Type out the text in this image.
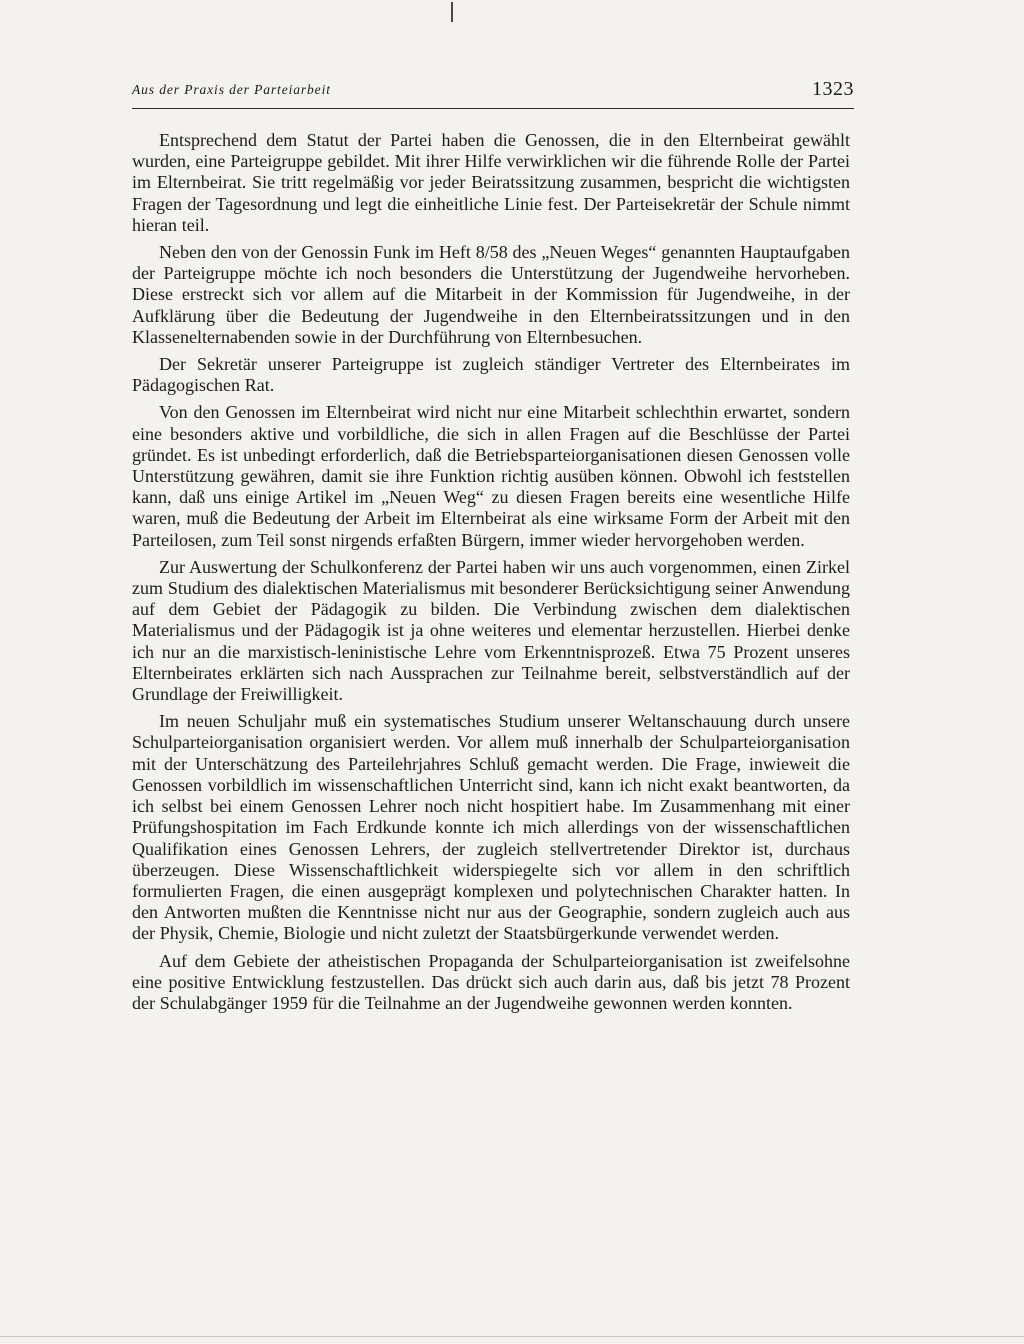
Aus der Praxis der Parteiarbeit	1323

Entsprechend dem Statut der Partei haben die Genossen, die in den Elternbeirat gewählt wurden, eine Parteigruppe gebildet. Mit ihrer Hilfe verwirklichen wir die führende Rolle der Partei im Elternbeirat. Sie tritt regelmäßig vor jeder Beiratssitzung zusammen, bespricht die wichtigsten Fragen der Tagesordnung und legt die einheitliche Linie fest. Der Parteisekretär der Schule nimmt hieran teil.

Neben den von der Genossin Funk im Heft 8/58 des „Neuen Weges“ genannten Hauptaufgaben der Parteigruppe möchte ich noch besonders die Unterstützung der Jugendweihe hervorheben. Diese erstreckt sich vor allem auf die Mitarbeit in der Kommission für Jugendweihe, in der Aufklärung über die Bedeutung der Jugendweihe in den Elternbeiratssitzungen und in den Klassenelternabenden sowie in der Durchführung von Elternbesuchen.

Der Sekretär unserer Parteigruppe ist zugleich ständiger Vertreter des Elternbeirates im Pädagogischen Rat.

Von den Genossen im Elternbeirat wird nicht nur eine Mitarbeit schlechthin erwartet, sondern eine besonders aktive und vorbildliche, die sich in allen Fragen auf die Beschlüsse der Partei gründet. Es ist unbedingt erforderlich, daß die Betriebsparteiorganisationen diesen Genossen volle Unterstützung gewähren, damit sie ihre Funktion richtig ausüben können. Obwohl ich feststellen kann, daß uns einige Artikel im „Neuen Weg“ zu diesen Fragen bereits eine wesentliche Hilfe waren, muß die Bedeutung der Arbeit im Elternbeirat als eine wirksame Form der Arbeit mit den Parteilosen, zum Teil sonst nirgends erfaßten Bürgern, immer wieder hervorgehoben werden.

Zur Auswertung der Schulkonferenz der Partei haben wir uns auch vorgenommen, einen Zirkel zum Studium des dialektischen Materialismus mit besonderer Berücksichtigung seiner Anwendung auf dem Gebiet der Pädagogik zu bilden. Die Verbindung zwischen dem dialektischen Materialismus und der Pädagogik ist ja ohne weiteres und elementar herzustellen. Hierbei denke ich nur an die marxistisch-leninistische Lehre vom Erkenntnisprozeß. Etwa 75 Prozent unseres Elternbeirates erklärten sich nach Aussprachen zur Teilnahme bereit, selbstverständlich auf der Grundlage der Freiwilligkeit.

Im neuen Schuljahr muß ein systematisches Studium unserer Weltanschauung durch unsere Schulparteiorganisation organisiert werden. Vor allem muß innerhalb der Schulparteiorganisation mit der Unterschätzung des Parteilehrjahres Schluß gemacht werden. Die Frage, inwieweit die Genossen vorbildlich im wissenschaftlichen Unterricht sind, kann ich nicht exakt beantworten, da ich selbst bei einem Genossen Lehrer noch nicht hospitiert habe. Im Zusammenhang mit einer Prüfungshospitation im Fach Erdkunde konnte ich mich allerdings von der wissenschaftlichen Qualifikation eines Genossen Lehrers, der zugleich stellvertretender Direktor ist, durchaus überzeugen. Diese Wissenschaftlichkeit widerspiegelte sich vor allem in den schriftlich formulierten Fragen, die einen ausgeprägt komplexen und polytechnischen Charakter hatten. In den Antworten mußten die Kenntnisse nicht nur aus der Geographie, sondern zugleich auch aus der Physik, Chemie, Biologie und nicht zuletzt der Staatsbürgerkunde verwendet werden.

Auf dem Gebiete der atheistischen Propaganda der Schulparteiorganisation ist zweifelsohne eine positive Entwicklung festzustellen. Das drückt sich auch darin aus, daß bis jetzt 78 Prozent der Schulabgänger 1959 für die Teilnahme an der Jugendweihe gewonnen werden konnten.
